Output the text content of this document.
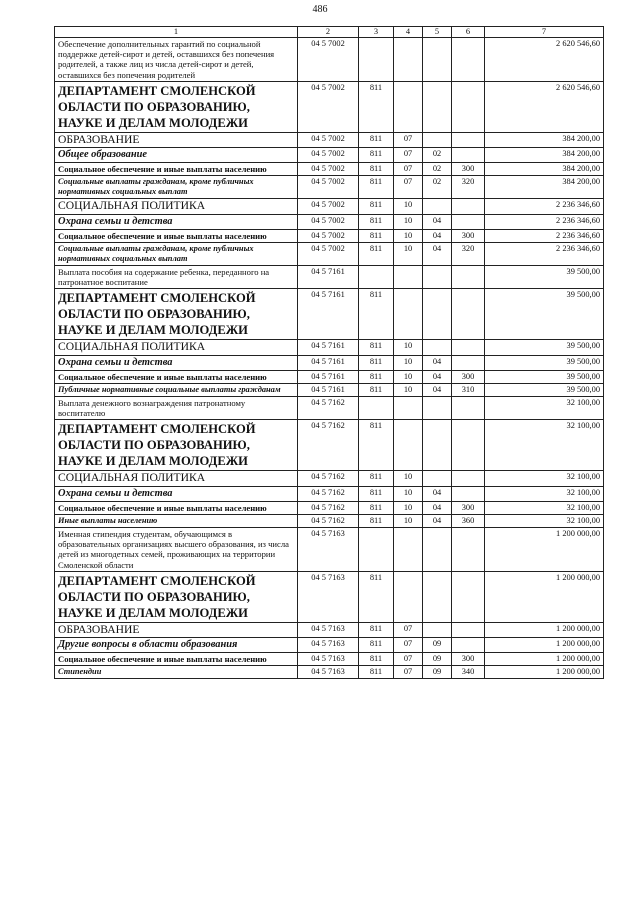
486
1	2	3	4	5	6	7
Обеспечение дополнительных гарантий по социальной поддержке детей-сирот и детей, оставшихся без попечения родителей, а также лиц из числа детей-сирот и детей, оставшихся без попечения родителей	04 5 7002					2 620 546,60
ДЕПАРТАМЕНТ СМОЛЕНСКОЙ ОБЛАСТИ ПО ОБРАЗОВАНИЮ, НАУКЕ И ДЕЛАМ МОЛОДЕЖИ	04 5 7002	811				2 620 546,60
ОБРАЗОВАНИЕ	04 5 7002	811	07			384 200,00
Общее образование	04 5 7002	811	07	02		384 200,00
Социальное обеспечение и иные выплаты населению	04 5 7002	811	07	02	300	384 200,00
Социальные выплаты гражданам, кроме публичных нормативных социальных выплат	04 5 7002	811	07	02	320	384 200,00
СОЦИАЛЬНАЯ ПОЛИТИКА	04 5 7002	811	10			2 236 346,60
Охрана семьи и детства	04 5 7002	811	10	04		2 236 346,60
Социальное обеспечение и иные выплаты населению	04 5 7002	811	10	04	300	2 236 346,60
Социальные выплаты гражданам, кроме публичных нормативных социальных выплат	04 5 7002	811	10	04	320	2 236 346,60
Выплата пособия на содержание ребенка, переданного на патронатное воспитание	04 5 7161					39 500,00
ДЕПАРТАМЕНТ СМОЛЕНСКОЙ ОБЛАСТИ ПО ОБРАЗОВАНИЮ, НАУКЕ И ДЕЛАМ МОЛОДЕЖИ	04 5 7161	811				39 500,00
СОЦИАЛЬНАЯ ПОЛИТИКА	04 5 7161	811	10			39 500,00
Охрана семьи и детства	04 5 7161	811	10	04		39 500,00
Социальное обеспечение и иные выплаты населению	04 5 7161	811	10	04	300	39 500,00
Публичные нормативные социальные выплаты гражданам	04 5 7161	811	10	04	310	39 500,00
Выплата денежного вознаграждения патронатному воспитателю	04 5 7162					32 100,00
ДЕПАРТАМЕНТ СМОЛЕНСКОЙ ОБЛАСТИ ПО ОБРАЗОВАНИЮ, НАУКЕ И ДЕЛАМ МОЛОДЕЖИ	04 5 7162	811				32 100,00
СОЦИАЛЬНАЯ ПОЛИТИКА	04 5 7162	811	10			32 100,00
Охрана семьи и детства	04 5 7162	811	10	04		32 100,00
Социальное обеспечение и иные выплаты населению	04 5 7162	811	10	04	300	32 100,00
Иные выплаты населению	04 5 7162	811	10	04	360	32 100,00
Именная стипендия студентам, обучающимся в образовательных организациях высшего образования, из числа детей из многодетных семей, проживающих на территории Смоленской области	04 5 7163					1 200 000,00
ДЕПАРТАМЕНТ СМОЛЕНСКОЙ ОБЛАСТИ ПО ОБРАЗОВАНИЮ, НАУКЕ И ДЕЛАМ МОЛОДЕЖИ	04 5 7163	811				1 200 000,00
ОБРАЗОВАНИЕ	04 5 7163	811	07			1 200 000,00
Другие вопросы в области образования	04 5 7163	811	07	09		1 200 000,00
Социальное обеспечение и иные выплаты населению	04 5 7163	811	07	09	300	1 200 000,00
Стипендии	04 5 7163	811	07	09	340	1 200 000,00
